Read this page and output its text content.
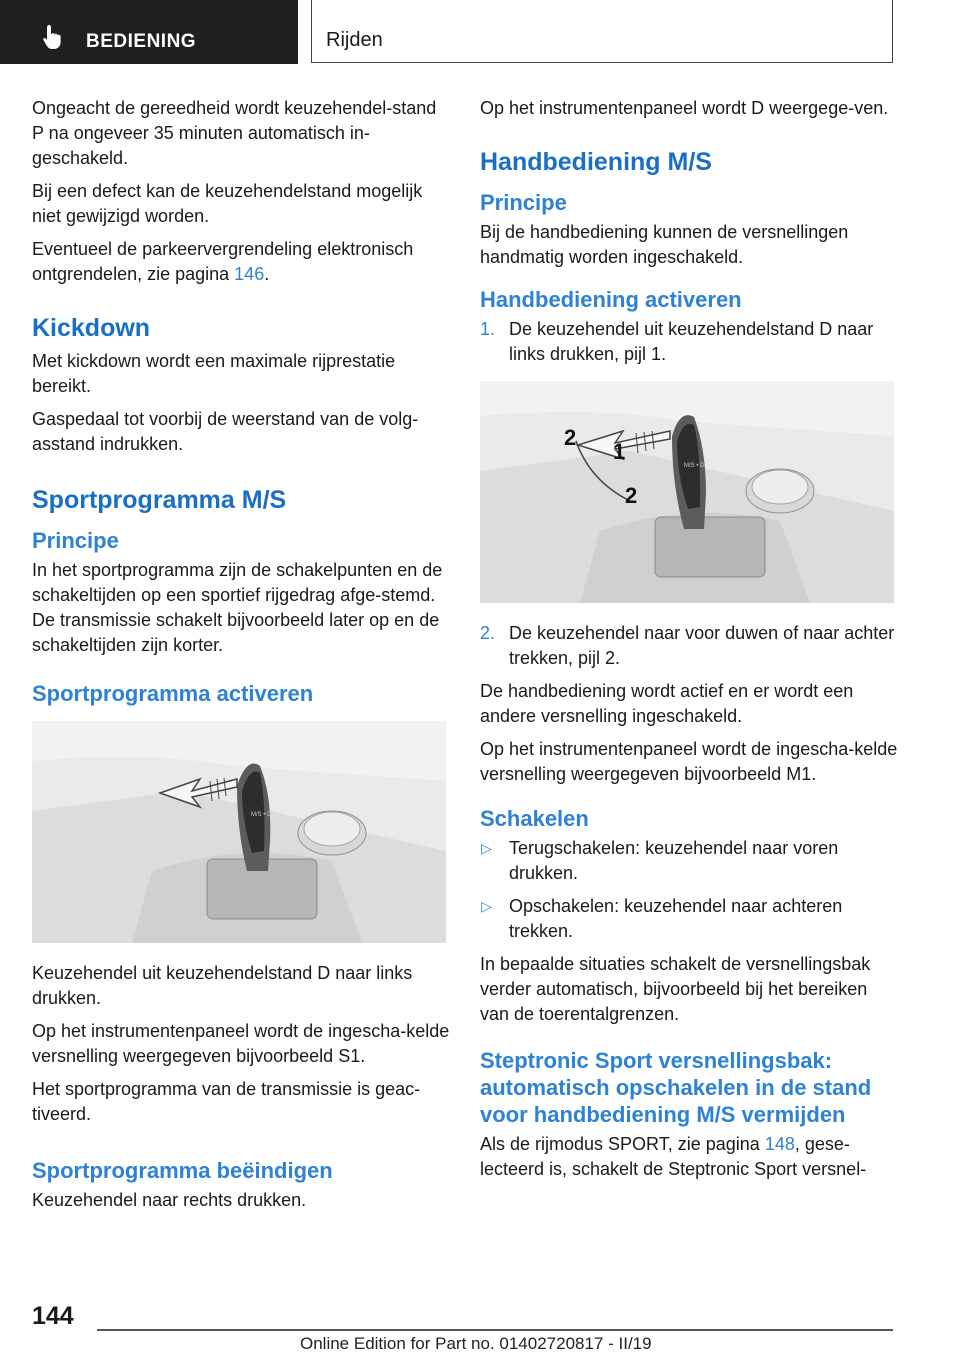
BEDIENING	Rijden

Ongeacht de gereedheid wordt keuzehendel-stand P na ongeveer 35 minuten automatisch in-geschakeld.

Bij een defect kan de keuzehendelstand mogelijk niet gewijzigd worden.

Eventueel de parkeervergrendeling elektronisch ontgrendelen, zie pagina 146.

Kickdown

Met kickdown wordt een maximale rijprestatie bereikt.

Gaspedaal tot voorbij de weerstand van de volg-asstand indrukken.

Sportprogramma M/S
Principe

In het sportprogramma zijn de schakelpunten en de schakeltijden op een sportief rijgedrag afge-stemd. De transmissie schakelt bijvoorbeeld later op en de schakeltijden zijn korter.

Sportprogramma activeren
M/S • D

Keuzehendel uit keuzehendelstand D naar links drukken.

Op het instrumentenpaneel wordt de ingescha-kelde versnelling weergegeven bijvoorbeeld S1.

Het sportprogramma van de transmissie is geac-tiveerd.

Sportprogramma beëindigen

Keuzehendel naar rechts drukken.

Op het instrumentenpaneel wordt D weergege-ven.

Handbediening M/S
Principe

Bij de handbediening kunnen de versnellingen handmatig worden ingeschakeld.

Handbediening activeren
1. De keuzehendel uit keuzehendelstand D naar links drukken, pijl 1.
M/S • D
2
1
2
2. De keuzehendel naar voor duwen of naar achter trekken, pijl 2.

De handbediening wordt actief en er wordt een andere versnelling ingeschakeld.

Op het instrumentenpaneel wordt de ingescha-kelde versnelling weergegeven bijvoorbeeld M1.

Schakelen
▷ Terugschakelen: keuzehendel naar voren drukken.
▷ Opschakelen: keuzehendel naar achteren trekken.

In bepaalde situaties schakelt de versnellingsbak verder automatisch, bijvoorbeeld bij het bereiken van de toerentalgrenzen.

Steptronic Sport versnellingsbak: automatisch opschakelen in de stand voor handbediening M/S vermijden

Als de rijmodus SPORT, zie pagina 148, gese-lecteerd is, schakelt de Steptronic Sport versnel-

144
Online Edition for Part no. 01402720817 - II/19
